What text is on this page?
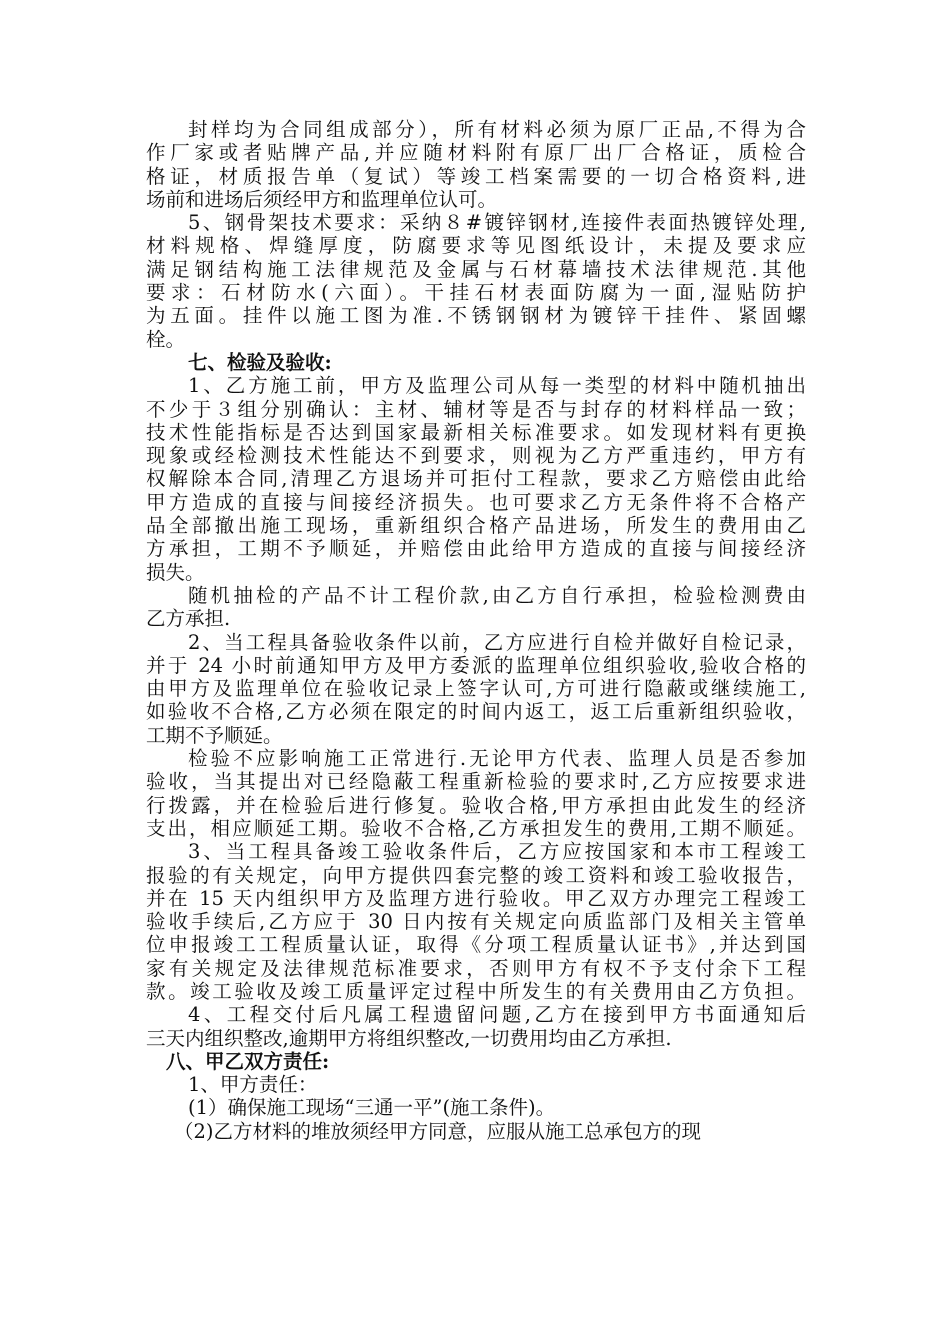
封样均为合同组成部分），所有材料必须为原厂正品,不得为合
作厂家或者贴牌产品,并应随材料附有原厂出厂合格证，质检合
格证，材质报告单（复试）等竣工档案需要的一切合格资料,进
场前和进场后须经甲方和监理单位认可。
5、钢骨架技术要求：采纳８#镀锌钢材,连接件表面热镀锌处理,
材料规格、焊缝厚度，防腐要求等见图纸设计，未提及要求应
满足钢结构施工法律规范及金属与石材幕墙技术法律规范.其他
要求：石材防水(六面）。干挂石材表面防腐为一面,湿贴防护
为五面。挂件以施工图为准.不锈钢钢材为镀锌干挂件、紧固螺
栓。
七、检验及验收:
1、乙方施工前，甲方及监理公司从每一类型的材料中随机抽出
不少于３组分别确认：主材、辅材等是否与封存的材料样品一致；
技术性能指标是否达到国家最新相关标准要求。如发现材料有更换
现象或经检测技术性能达不到要求，则视为乙方严重违约，甲方有
权解除本合同,清理乙方退场并可拒付工程款，要求乙方赔偿由此给
甲方造成的直接与间接经济损失。也可要求乙方无条件将不合格产
品全部撤出施工现场，重新组织合格产品进场，所发生的费用由乙
方承担，工期不予顺延，并赔偿由此给甲方造成的直接与间接经济
损失。
随机抽检的产品不计工程价款,由乙方自行承担，检验检测费由
乙方承担.
2、当工程具备验收条件以前，乙方应进行自检并做好自检记录，
并于 24 小时前通知甲方及甲方委派的监理单位组织验收,验收合格的
由甲方及监理单位在验收记录上签字认可,方可进行隐蔽或继续施工,
如验收不合格,乙方必须在限定的时间内返工，返工后重新组织验收，
工期不予顺延。
检验不应影响施工正常进行.无论甲方代表、监理人员是否参加
验收，当其提出对已经隐蔽工程重新检验的要求时,乙方应按要求进
行拨露，并在检验后进行修复。验收合格,甲方承担由此发生的经济
支出，相应顺延工期。验收不合格,乙方承担发生的费用,工期不顺延。
3、当工程具备竣工验收条件后，乙方应按国家和本市工程竣工
报验的有关规定，向甲方提供四套完整的竣工资料和竣工验收报告，
并在 15 天内组织甲方及监理方进行验收。甲乙双方办理完工程竣工
验收手续后,乙方应于 30 日内按有关规定向质监部门及相关主管单
位申报竣工工程质量认证，取得《分项工程质量认证书》,并达到国
家有关规定及法律规范标准要求，否则甲方有权不予支付余下工程
款。竣工验收及竣工质量评定过程中所发生的有关费用由乙方负担。
4、工程交付后凡属工程遗留问题,乙方在接到甲方书面通知后
三天内组织整改,逾期甲方将组织整改,一切费用均由乙方承担.
八、甲乙双方责任:
1、甲方责任：
(1）确保施工现场“三通一平”(施工条件)。
（2)乙方材料的堆放须经甲方同意，应服从施工总承包方的现
